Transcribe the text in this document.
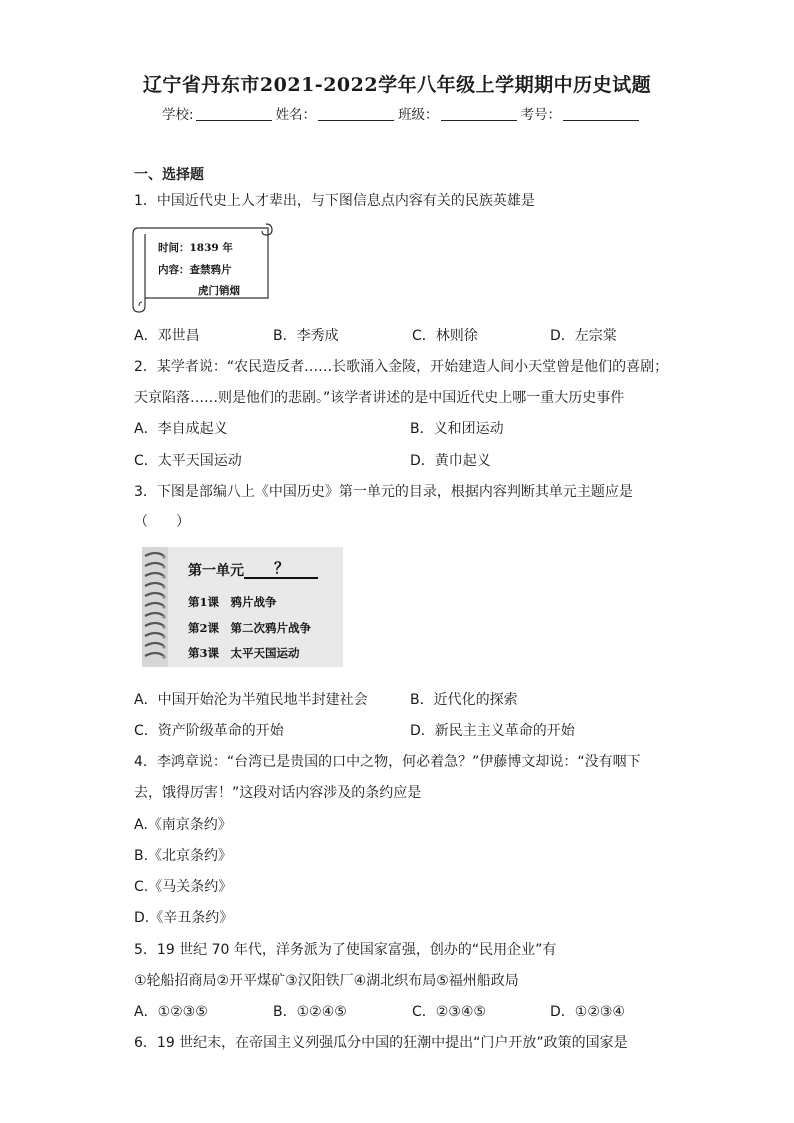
辽宁省丹东市2021-2022学年八年级上学期期中历史试题
学校:	姓名：	班级：	考号：
一、选择题
1．中国近代史上人才辈出，与下图信息点内容有关的民族英雄是
时间：1839 年
内容：查禁鸦片
虎门销烟
A．邓世昌	B．李秀成	C．林则徐	D．左宗棠
2．某学者说：“农民造反者……长歌涌入金陵，开始建造人间小天堂曾是他们的喜剧；
天京陷落……则是他们的悲剧。”该学者讲述的是中国近代史上哪一重大历史事件
A．李自成起义	B．义和团运动
C．太平天国运动	D．黄巾起义
3．下图是部编八上《中国历史》第一单元的目录，根据内容判断其单元主题应是
（　　）
第一单元 ？
第1课　鸦片战争
第2课　第二次鸦片战争
第3课　太平天国运动
A．中国开始沦为半殖民地半封建社会	B．近代化的探索
C．资产阶级革命的开始	D．新民主主义革命的开始
4．李鸿章说：“台湾已是贵国的口中之物，何必着急？”伊藤博文却说：“没有咽下
去，饿得厉害！”这段对话内容涉及的条约应是
A.《南京条约》
B.《北京条约》
C.《马关条约》
D.《辛丑条约》
5．19 世纪 70 年代，洋务派为了使国家富强，创办的“民用企业”有
①轮船招商局②开平煤矿③汉阳铁厂④湖北织布局⑤福州船政局
A．①②③⑤	B．①②④⑤	C．②③④⑤	D．①②③④
6．19 世纪末，在帝国主义列强瓜分中国的狂潮中提出“门户开放”政策的国家是
